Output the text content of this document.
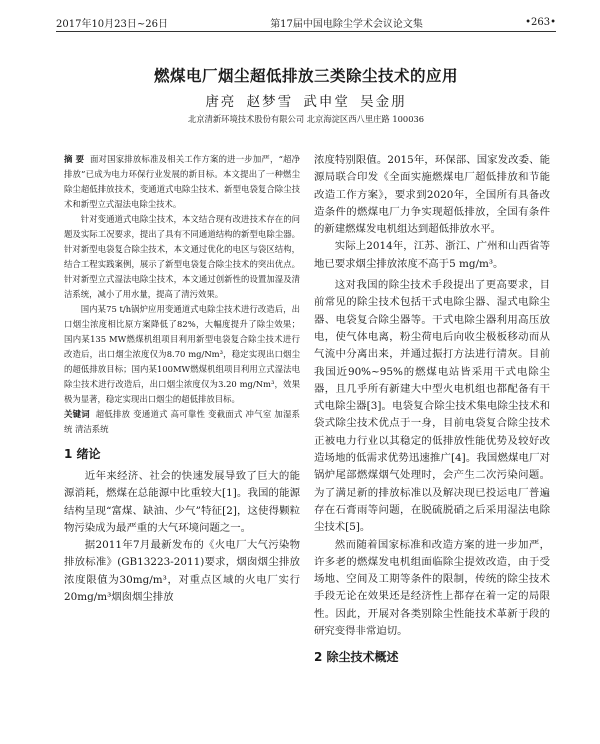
2017年10月23日~26日	第17届中国电除尘学术会议论文集	•263•
燃煤电厂烟尘超低排放三类除尘技术的应用
唐亮 赵梦雪 武申堂 吴金朋
北京清新环境技术股份有限公司 北京海淀区西八里庄路 100036

摘 要 面对国家排放标准及相关工作方案的进一步加严，“超净排放”已成为电力环保行业发展的新目标。本文提出了一种燃尘除尘超低排放技术，变通道式电除尘技术、新型电袋复合除尘技术和新型立式湿法电除尘技术。

针对变通道式电除尘技术，本文结合现有改进技术存在的问题及实际工况要求，提出了具有不同通道结构的新型电除尘器。针对新型电袋复合除尘技术，本文通过优化的电区与袋区结构，结合工程实践案例，展示了新型电袋复合除尘技术的突出优点。针对新型立式湿法电除尘技术，本文通过创新性的设置加湿及清洁系统，减小了用水量，提高了清污效果。

国内某75 t/h锅炉应用变通道式电除尘技术进行改造后，出口烟尘浓度相比原方案降低了82%，大幅度提升了除尘效果；国内某135 MW燃煤机组项目利用新型电袋复合除尘技术进行改造后，出口烟尘浓度仅为8.70 mg/Nm³，稳定实现出口烟尘的超低排放目标；国内某100MW燃煤机组项目利用立式湿法电除尘技术进行改造后，出口烟尘浓度仅为3.20 mg/Nm³，效果极为显著，稳定实现出口烟尘的超低排放目标。

关键词 超低排放 变通道式 高可靠性 变截面式 冲气室 加湿系统 清洁系统

1 绪论

近年来经济、社会的快速发展导致了巨大的能源消耗，燃煤在总能源中比重较大[1]。我国的能源结构呈现“富煤、缺油、少气”特征[2]，这使得颗粒物污染成为最严重的大气环境问题之一。

据2011年7月最新发布的《火电厂大气污染物排放标准》(GB13223-2011)要求，烟囱烟尘排放浓度限值为30mg/m³，对重点区域的火电厂实行20mg/m³烟囱烟尘排放

浓度特别限值。2015年，环保部、国家发改委、能源局联合印发《全面实施燃煤电厂超低排放和节能改造工作方案》，要求到2020年，全国所有具备改造条件的燃煤电厂力争实现超低排放，全国有条件的新建燃煤发电机组达到超低排放水平。

实际上2014年，江苏、浙江、广州和山西省等地已要求烟尘排放浓度不高于5 mg/m³。

这对我国的除尘技术手段提出了更高要求，目前常见的除尘技术包括干式电除尘器、湿式电除尘器、电袋复合除尘器等。干式电除尘器利用高压放电，使气体电离，粉尘荷电后向收尘极板移动而从气流中分离出来，并通过振打方法进行清灰。目前我国近90%~95%的燃煤电站皆采用干式电除尘器，且几乎所有新建大中型火电机组也都配备有干式电除尘器[3]。电袋复合除尘技术集电除尘技术和袋式除尘技术优点于一身，目前电袋复合除尘技术正被电力行业以其稳定的低排放性能优势及较好改造场地的低需求优势迅速推广[4]。我国燃煤电厂对锅炉尾部燃煤烟气处理时，会产生二次污染问题。为了满足新的排放标准以及解决现已投运电厂普遍存在石膏雨等问题，在脱硫脱硝之后采用湿法电除尘技术[5]。

然而随着国家标准和改造方案的进一步加严，许多老的燃煤发电机组面临除尘提效改造，由于受场地、空间及工期等条件的限制，传统的除尘技术手段无论在效果还是经济性上都存在着一定的局限性。因此，开展对各类别除尘性能技术革新于段的研究变得非常迫切。

2 除尘技术概述
